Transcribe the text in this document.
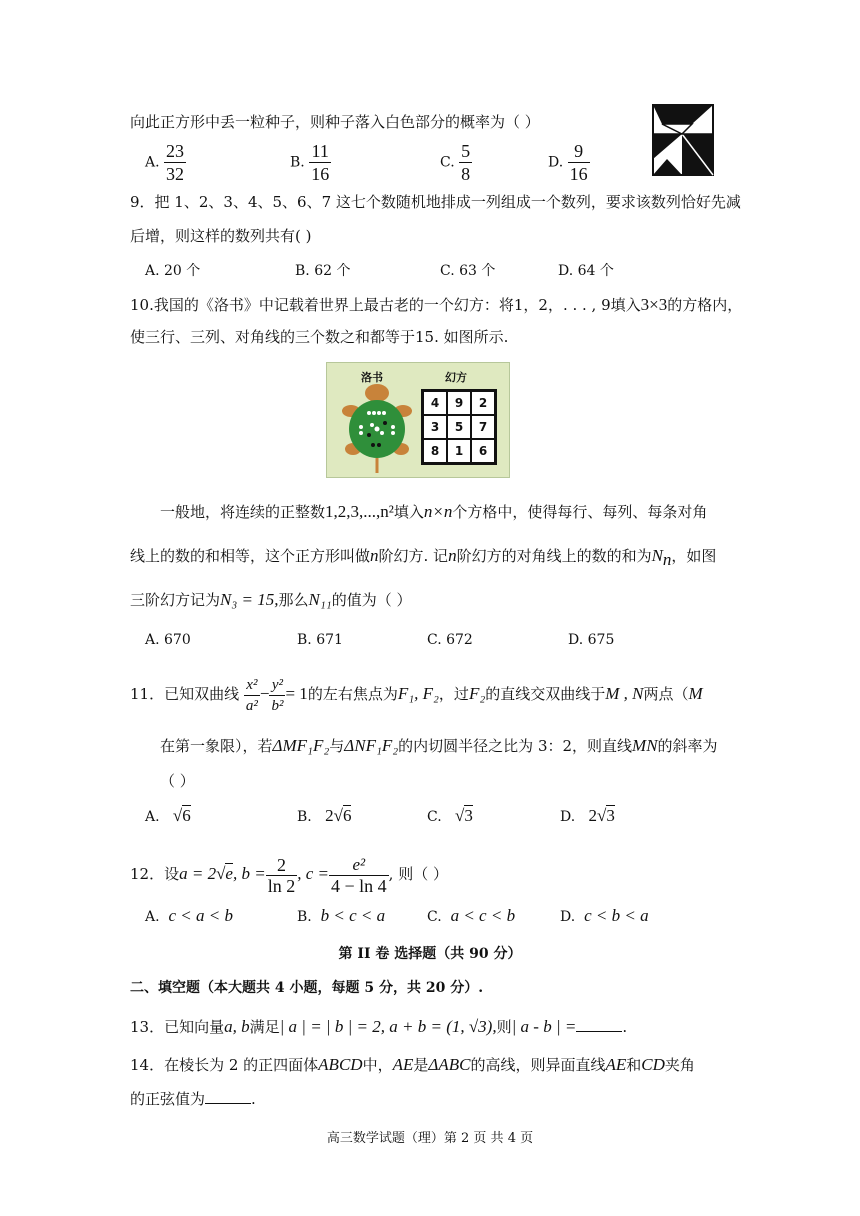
向此正方形中丢一粒种子，则种子落入白色部分的概率为（ ）
A. $\frac{23}{32}$	B. $\frac{11}{16}$	C. $\frac{5}{8}$	D. $\frac{9}{16}$
9．把 1、2、3、4、5、6、7 这七个数随机地排成一列组成一个数列，要求该数列恰好先减
后增，则这样的数列共有( )
A. 20 个	B. 62 个	C. 63 个	D. 64 个
10.我国的《洛书》中记载着世界上最古老的一个幻方：将1，2，. . . , 9填入3×3的方格内，
使三行、三列、对角线的三个数之和都等于15. 如图所示.
洛书	幻方
4	9	2
3	5	7
8	1	6
一般地，将连续的正整数1,2,3,...,n²填入n×n个方格中，使得每行、每列、每条对角
线上的数的和相等，这个正方形叫做n阶幻方. 记n阶幻方的对角线上的数的和为$N_n$，如图
三阶幻方记为N₃ = 15,那么N₁₁的值为（ ）
A. 670	B. 671	C. 672	D. 675
11．已知双曲线 $\frac{\text{x²}}{\text{a²}} - \frac{\text{y²}}{\text{b²}} = 1$的左右焦点为F₁, F₂，过F₂的直线交双曲线于M , N两点（M
在第一象限），若ΔMF₁F₂与ΔNF₁F₂的内切圆半径之比为 3：2，则直线MN的斜率为
（ ）
A. √6	B. 2√6	C. √3	D. 2√3
12．设a = 2√e, $b = \frac{2}{\ln 2}$ , $c = \frac{\text{e²}}{4 - \ln 4}$ , 则（ ）
A. c < a < b	B. b < c < a	C. a < c < b	D. c < b < a
第 II 卷 选择题（共 90 分）
二、填空题（本大题共 4 小题，每题 5 分，共 20 分）.
13．已知向量a, b满足| a | = | b | = 2, a + b = (1, √3),则| a - b | =	.
14．在棱长为 2 的正四面体ABCD中，AE是ΔABC的高线，则异面直线AE和CD夹角
的正弦值为	.
高三数学试题（理）第 2 页 共 4 页
